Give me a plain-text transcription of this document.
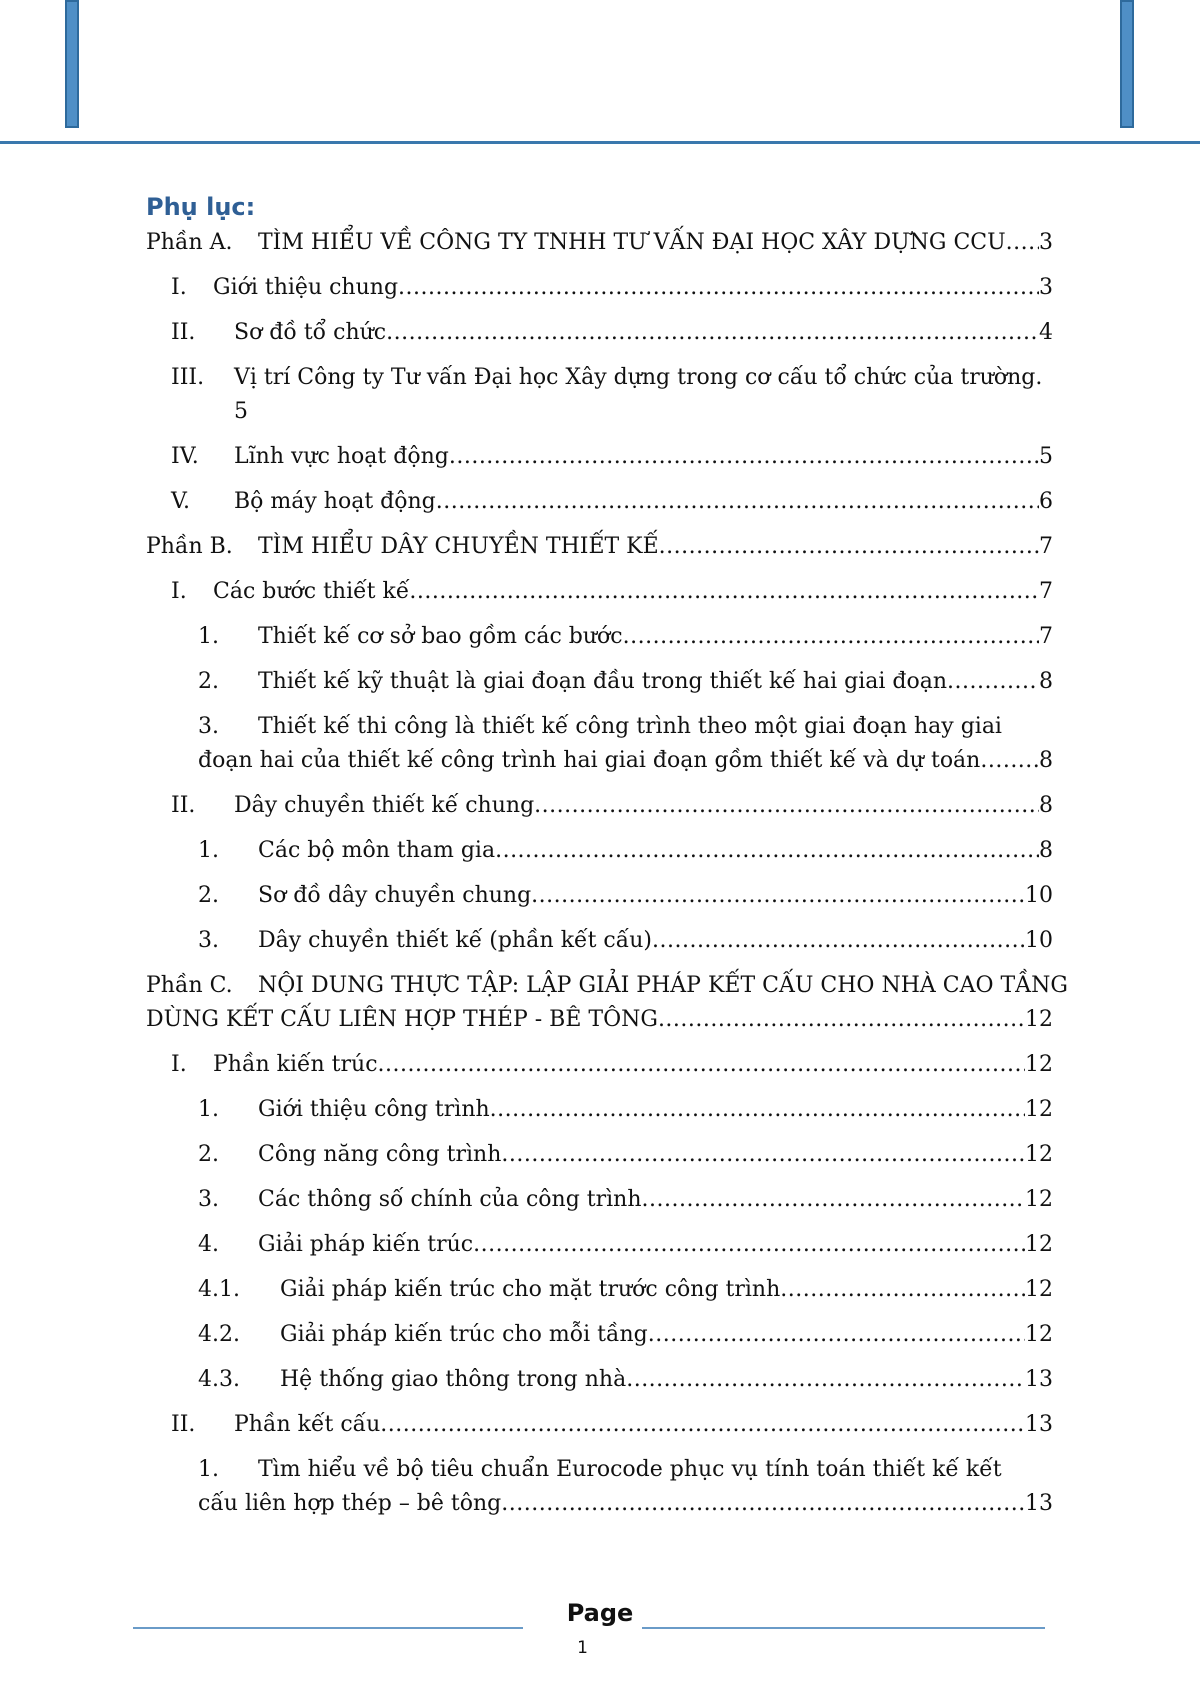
Phụ lục:
Phần A.	TÌM HIỂU VỀ CÔNG TY TNHH TƯ VẤN ĐẠI HỌC XÂY DỰNG CCU ..... 3
I.	Giới thiệu chung .....	3
II.	Sơ đồ tổ chức .....	4
III. Vị trí Công ty Tư vấn Đại học Xây dựng trong cơ cấu tổ chức của trường.
5
IV.	Lĩnh vực hoạt động .....	5
V.	Bộ máy hoạt động .....	6
Phần B.	TÌM HIỂU DÂY CHUYỀN THIẾT KẾ .....	7
I.	Các bước thiết kế .....	7
1.	Thiết kế cơ sở bao gồm các bước .....	7
2.	Thiết kế kỹ thuật là giai đoạn đầu trong thiết kế hai giai đoạn .....	8
3. Thiết kế thi công là thiết kế công trình theo một giai đoạn hay giai
đoạn hai của thiết kế công trình hai giai đoạn gồm thiết kế và dự toán .....	8
II.	Dây chuyền thiết kế chung .....	8
1.	Các bộ môn tham gia .....	8
2.	Sơ đồ dây chuyền chung .....	10
3.	Dây chuyền thiết kế (phần kết cấu) .....	10
Phần C. NỘI DUNG THỰC TẬP: LẬP GIẢI PHÁP KẾT CẤU CHO NHÀ CAO TẦNG
DÙNG KẾT CẤU LIÊN HỢP THÉP - BÊ TÔNG .....	12
I.	Phần kiến trúc .....	12
1.	Giới thiệu công trình .....	12
2.	Công năng công trình .....	12
3.	Các thông số chính của công trình .....	12
4.	Giải pháp kiến trúc .....	12
4.1.	Giải pháp kiến trúc cho mặt trước công trình .....	12
4.2.	Giải pháp kiến trúc cho mỗi tầng .....	12
4.3.	Hệ thống giao thông trong nhà .....	13
II.	Phần kết cấu .....	13
1. Tìm hiểu về bộ tiêu chuẩn Eurocode phục vụ tính toán thiết kế kết
cấu liên hợp thép – bê tông .....	13
Page
1
